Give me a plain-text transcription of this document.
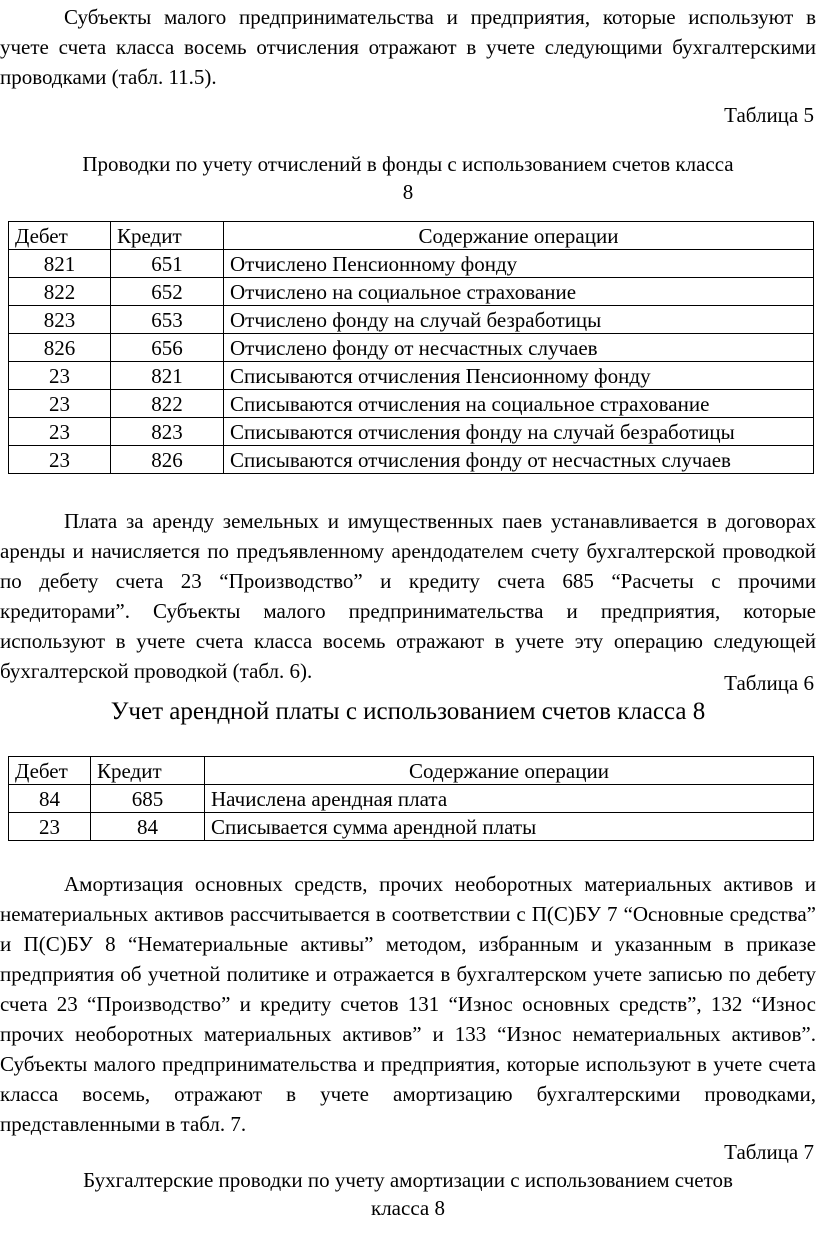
Субъекты малого предпринимательства и предприятия, которые используют в учете счета класса восемь отчисления отражают в учете следующими бухгалтерскими проводками (табл. 11.5).

Таблица 5

Проводки по учету отчислений в фонды с использованием счетов класса

8

Дебет	Кредит	Содержание операции
821	651	Отчислено Пенсионному фонду
822	652	Отчислено на социальное страхование
823	653	Отчислено фонду на случай безработицы
826	656	Отчислено фонду от несчастных случаев
23	821	Списываются отчисления Пенсионному фонду
23	822	Списываются отчисления на социальное страхование
23	823	Списываются отчисления фонду на случай безработицы
23	826	Списываются отчисления фонду от несчастных случаев

Плата за аренду земельных и имущественных паев устанавливается в договорах аренды и начисляется по предъявленному арендодателем счету бухгалтерской проводкой по дебету счета 23 “Производство” и кредиту счета 685 “Расчеты с прочими кредиторами”. Субъекты малого предпринимательства и предприятия, которые используют в учете счета класса восемь отражают в учете эту операцию следующей бухгалтерской проводкой (табл. 6).	Таблица 6

Учет арендной платы с использованием счетов класса 8

Дебет	Кредит	Содержание операции
84	685	Начислена арендная плата
23	84	Списывается сумма арендной платы

Амортизация основных средств, прочих необоротных материальных активов и нематериальных активов рассчитывается в соответствии с П(С)БУ 7 “Основные средства” и П(С)БУ 8 “Нематериальные активы” методом, избранным и указанным в приказе предприятия об учетной политике и отражается в бухгалтерском учете записью по дебету счета 23 “Производство” и кредиту счетов 131 “Износ основных средств”, 132 “Износ прочих необоротных материальных активов” и 133 “Износ нематериальных активов”. Субъекты малого предпринимательства и предприятия, которые используют в учете счета класса восемь, отражают в учете амортизацию бухгалтерскими проводками, представленными в табл. 7.

Таблица 7

Бухгалтерские проводки по учету амортизации с использованием счетов

класса 8
